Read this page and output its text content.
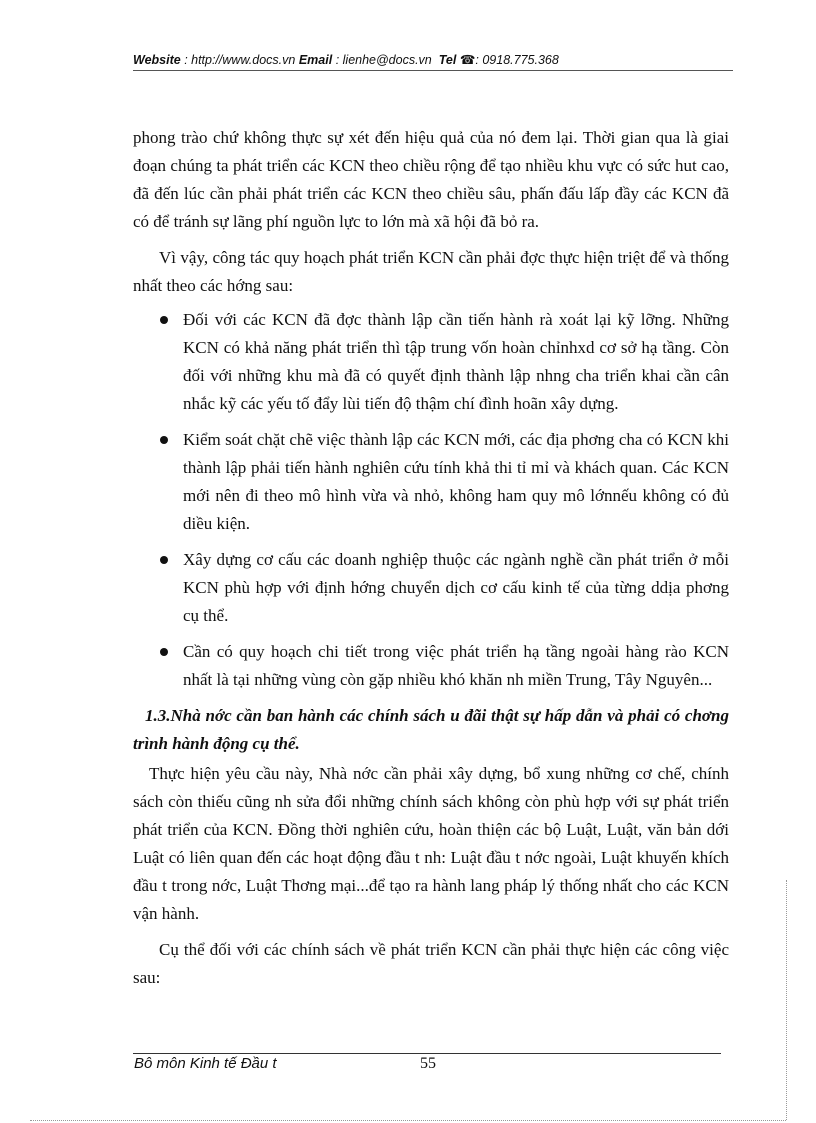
Website : http://www.docs.vn Email : lienhe@docs.vn Tel ☎: 0918.775.368

phong trào chứ không thực sự xét đến hiệu quả của nó đem lại. Thời gian qua là giai đoạn chúng ta phát triển các KCN theo chiều rộng để tạo nhiều khu vực có sức hut cao, đã đến lúc cần phải phát triển các KCN theo chiều sâu, phấn đấu lấp đầy các KCN đã có để tránh sự lãng phí nguồn lực to lớn mà xã hội đã bỏ ra.

Vì vậy, công tác quy hoạch phát triển KCN cần phải đợc thực hiện triệt để và thống nhất theo các hớng sau:

Đối với các KCN đã đợc thành lập cần tiến hành rà xoát lại kỹ lỡng. Những KCN có khả năng phát triển thì tập trung vốn hoàn chỉnhxd cơ sở hạ tầng. Còn đối với những khu mà đã có quyết định thành lập nhng cha triển khai cần cân nhắc kỹ các yếu tố đẩy lùi tiến độ thậm chí đình hoãn xây dựng.
Kiểm soát chặt chẽ việc thành lập các KCN mới, các địa phơng cha có KCN khi thành lập phải tiến hành nghiên cứu tính khả thi tỉ mỉ và khách quan. Các KCN mới nên đi theo mô hình vừa và nhỏ, không ham quy mô lớnnếu không có đủ diều kiện.
Xây dựng cơ cấu các doanh nghiệp thuộc các ngành nghề cần phát triển ở mỗi KCN phù hợp với định hớng chuyển dịch cơ cấu kinh tế của từng ddịa phơng cụ thể.
Cần có quy hoạch chi tiết trong việc phát triển hạ tầng ngoài hàng rào KCN nhất là tại những vùng còn gặp nhiều khó khăn nh miền Trung, Tây Nguyên...

1.3.Nhà nớc cần ban hành các chính sách u đãi thật sự hấp dẫn và phải có chơng trình hành động cụ thể.

Thực hiện yêu cầu này, Nhà nớc cần phải xây dựng, bổ xung những cơ chế, chính sách còn thiếu cũng nh sửa đổi những chính sách không còn phù hợp với sự phát triển phát triển của KCN. Đồng thời nghiên cứu, hoàn thiện các bộ Luật, Luật, văn bản dới Luật có liên quan đến các hoạt động đầu t nh: Luật đầu t nớc ngoài, Luật khuyến khích đầu t trong nớc, Luật Thơng mại...để tạo ra hành lang pháp lý thống nhất cho các KCN vận hành.

Cụ thể đối với các chính sách về phát triển KCN cần phải thực hiện các công việc sau:

Bô môn Kinh tế Đầu t	55
